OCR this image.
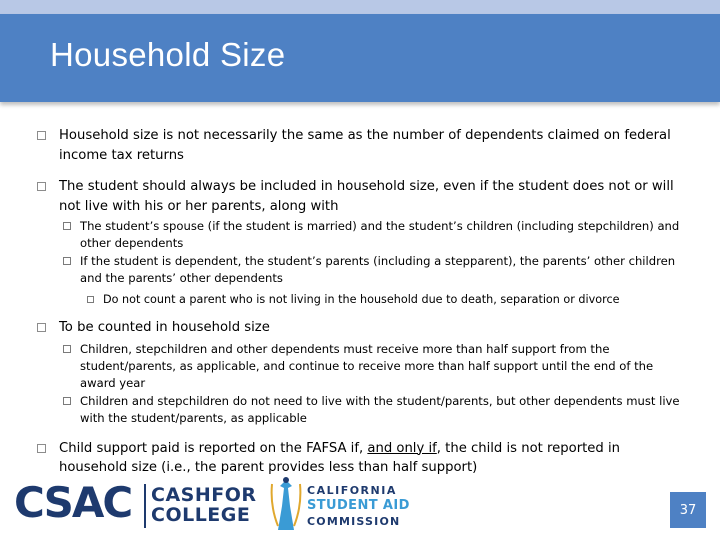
Household Size
Household size is not necessarily the same as the number of dependents claimed on federal income tax returns
The student should always be included in household size, even if the student does not or will not live with his or her parents, along with
The student’s spouse (if the student is married) and the student’s children (including stepchildren) and other dependents
If the student is dependent, the student’s parents (including a stepparent), the parents’ other children and the parents’ other dependents
Do not count a parent who is not living in the household due to death, separation or divorce
To be counted in household size
Children, stepchildren and other dependents must receive more than half support from the student/parents, as applicable, and continue to receive more than half support until the end of the award year
Children and stepchildren do not need to live with the student/parents, but other dependents must live with the student/parents, as applicable
Child support paid is reported on the FAFSA if, and only if, the child is not reported in household size (i.e., the parent provides less than half support)
CSAC CASHFOR
COLLEGE
CALIFORNIA
STUDENT AID
COMMISSION
37
